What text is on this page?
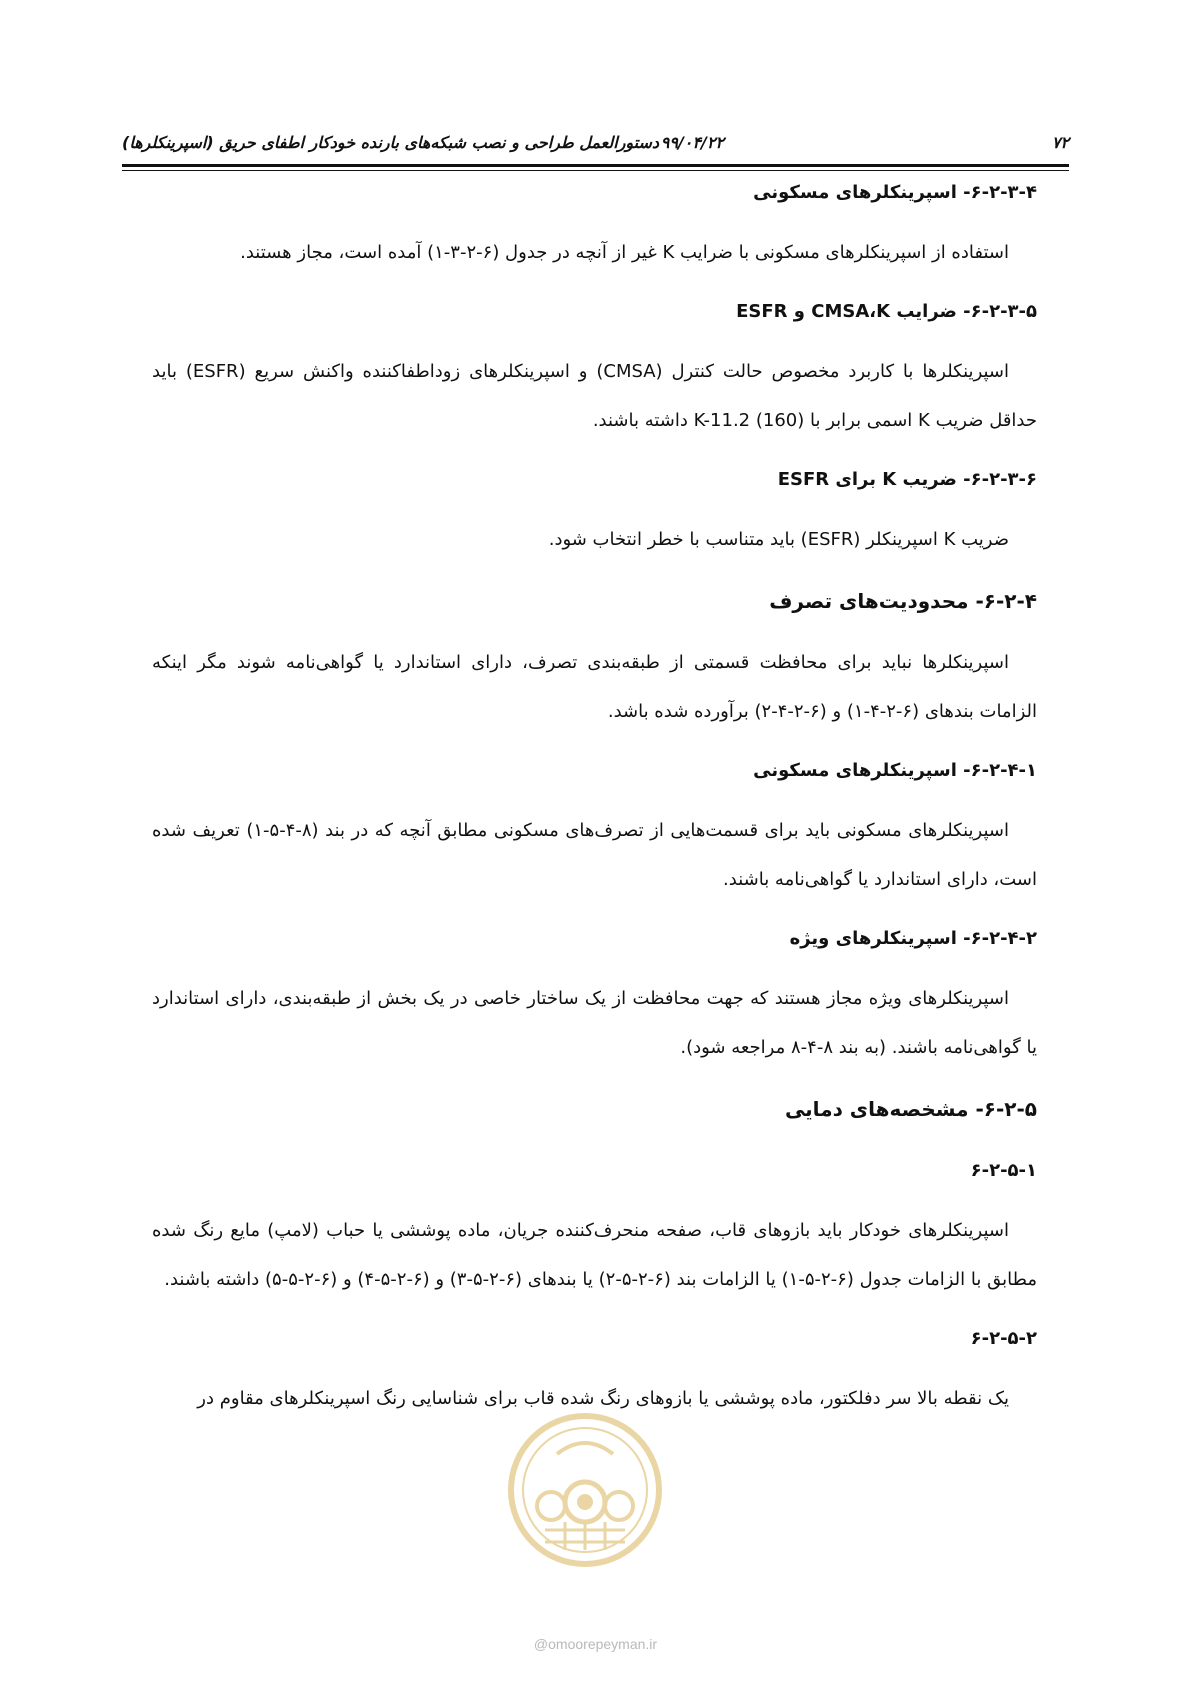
۷۲
۹۹/۰۴/۲۲
دستورالعمل طراحی و نصب شبکه‌های بارنده خودکار اطفای حریق (اسپرینکلرها)
۶-۲-۳-۴- اسپرینکلرهای مسکونی

استفاده از اسپرینکلرهای مسکونی با ضرایب K غیر از آنچه در جدول (۶-۲-۳-۱) آمده است، مجاز هستند.

۶-۲-۳-۵- ضرایب CMSA،K و ESFR

اسپرینکلرها با کاربرد مخصوص حالت کنترل (CMSA) و اسپرینکلرهای زوداطفاکننده واکنش سریع (ESFR) باید حداقل ضریب K اسمی برابر با K-11.2 (160) داشته باشند.

۶-۲-۳-۶- ضریب K برای ESFR

ضریب K اسپرینکلر (ESFR) باید متناسب با خطر انتخاب شود.

۶-۲-۴- محدودیت‌های تصرف

اسپرینکلرها نباید برای محافظت قسمتی از طبقه‌بندی تصرف، دارای استاندارد یا گواهی‌نامه شوند مگر اینکه الزامات بندهای (۶-۲-۴-۱) و (۶-۲-۴-۲) برآورده شده باشد.

۶-۲-۴-۱- اسپرینکلرهای مسکونی

اسپرینکلرهای مسکونی باید برای قسمت‌هایی از تصرف‌های مسکونی مطابق آنچه که در بند (۸-۴-۵-۱) تعریف شده است، دارای استاندارد یا گواهی‌نامه باشند.

۶-۲-۴-۲- اسپرینکلرهای ویژه

اسپرینکلرهای ویژه مجاز هستند که جهت محافظت از یک ساختار خاصی در یک بخش از طبقه‌بندی، دارای استاندارد یا گواهی‌نامه باشند. (به بند ۸-۴-۸ مراجعه شود).

۶-۲-۵- مشخصه‌های دمایی
۶-۲-۵-۱

اسپرینکلرهای خودکار باید بازوهای قاب، صفحه منحرف‌کننده جریان، ماده پوششی یا حباب (لامپ) مایع رنگ شده مطابق با الزامات جدول (۶-۲-۵-۱) یا الزامات بند (۶-۲-۵-۲) یا بندهای (۶-۲-۵-۳) و (۶-۲-۵-۴) و (۶-۲-۵-۵) داشته باشند.

۶-۲-۵-۲

یک نقطه بالا سر دفلکتور، ماده پوششی یا بازوهای رنگ شده قاب برای شناسایی رنگ اسپرینکلرهای مقاوم در

@omoorepeyman.ir
